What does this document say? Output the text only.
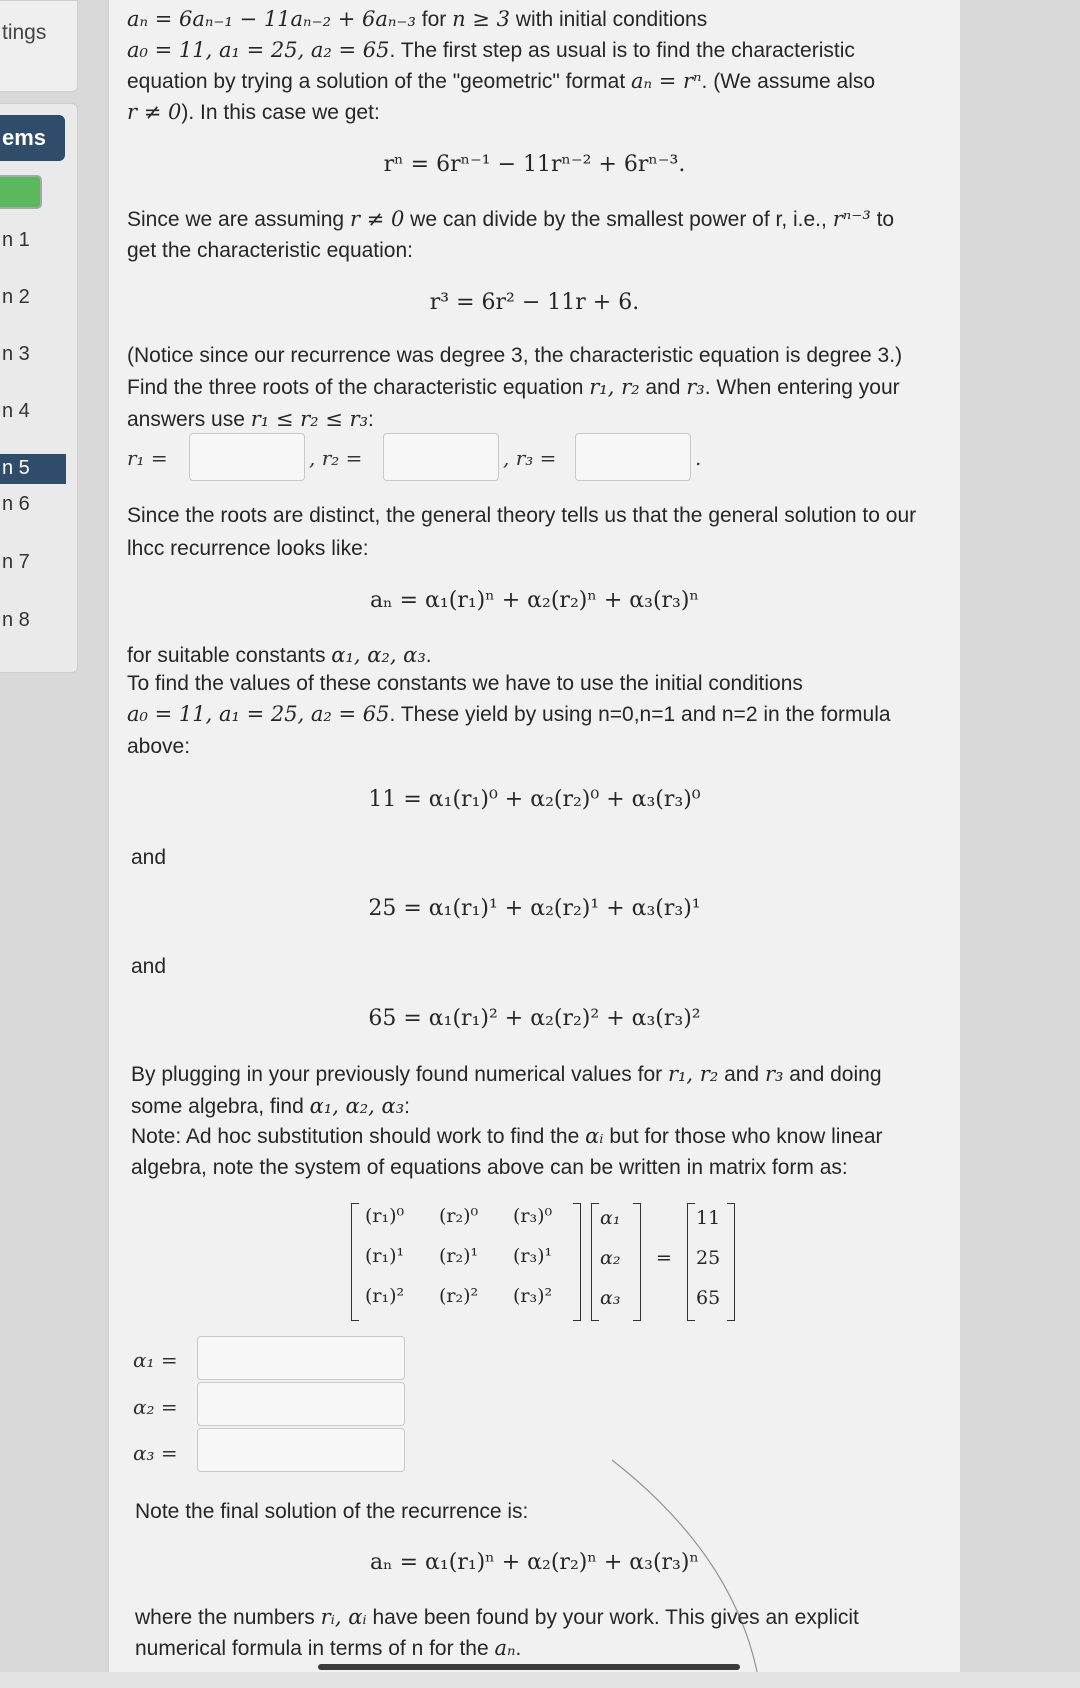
tings
ems
n 1
n 2
n 3
n 4
n 5
n 6
n 7
n 8
aₙ = 6aₙ₋₁ − 11aₙ₋₂ + 6aₙ₋₃ for n ≥ 3 with initial conditions
a₀ = 11, a₁ = 25, a₂ = 65. The first step as usual is to find the characteristic
equation by trying a solution of the "geometric" format aₙ = rⁿ. (We assume also
r ≠ 0). In this case we get:
rⁿ = 6rⁿ⁻¹ − 11rⁿ⁻² + 6rⁿ⁻³.
Since we are assuming r ≠ 0 we can divide by the smallest power of r, i.e., rⁿ⁻³ to
get the characteristic equation:
r³ = 6r² − 11r + 6.
(Notice since our recurrence was degree 3, the characteristic equation is degree 3.)
Find the three roots of the characteristic equation r₁, r₂ and r₃. When entering your
answers use r₁ ≤ r₂ ≤ r₃:
r₁ =	, r₂ =	, r₃ =	.
Since the roots are distinct, the general theory tells us that the general solution to our
lhcc recurrence looks like:
aₙ = α₁(r₁)ⁿ + α₂(r₂)ⁿ + α₃(r₃)ⁿ
for suitable constants α₁, α₂, α₃.
To find the values of these constants we have to use the initial conditions
a₀ = 11, a₁ = 25, a₂ = 65. These yield by using n=0,n=1 and n=2 in the formula
above:
11 = α₁(r₁)⁰ + α₂(r₂)⁰ + α₃(r₃)⁰
and
25 = α₁(r₁)¹ + α₂(r₂)¹ + α₃(r₃)¹
and
65 = α₁(r₁)² + α₂(r₂)² + α₃(r₃)²
By plugging in your previously found numerical values for r₁, r₂ and r₃ and doing
some algebra, find α₁, α₂, α₃:
Note: Ad hoc substitution should work to find the αᵢ but for those who know linear
algebra, note the system of equations above can be written in matrix form as:
(r₁)⁰ (r₂)⁰ (r₃)⁰
(r₁)¹ (r₂)¹ (r₃)¹
(r₁)² (r₂)² (r₃)²
α₁
α₂
α₃
=
11
25
65
α₁ =
α₂ =
α₃ =
Note the final solution of the recurrence is:
aₙ = α₁(r₁)ⁿ + α₂(r₂)ⁿ + α₃(r₃)ⁿ
where the numbers rᵢ, αᵢ have been found by your work. This gives an explicit
numerical formula in terms of n for the aₙ.
